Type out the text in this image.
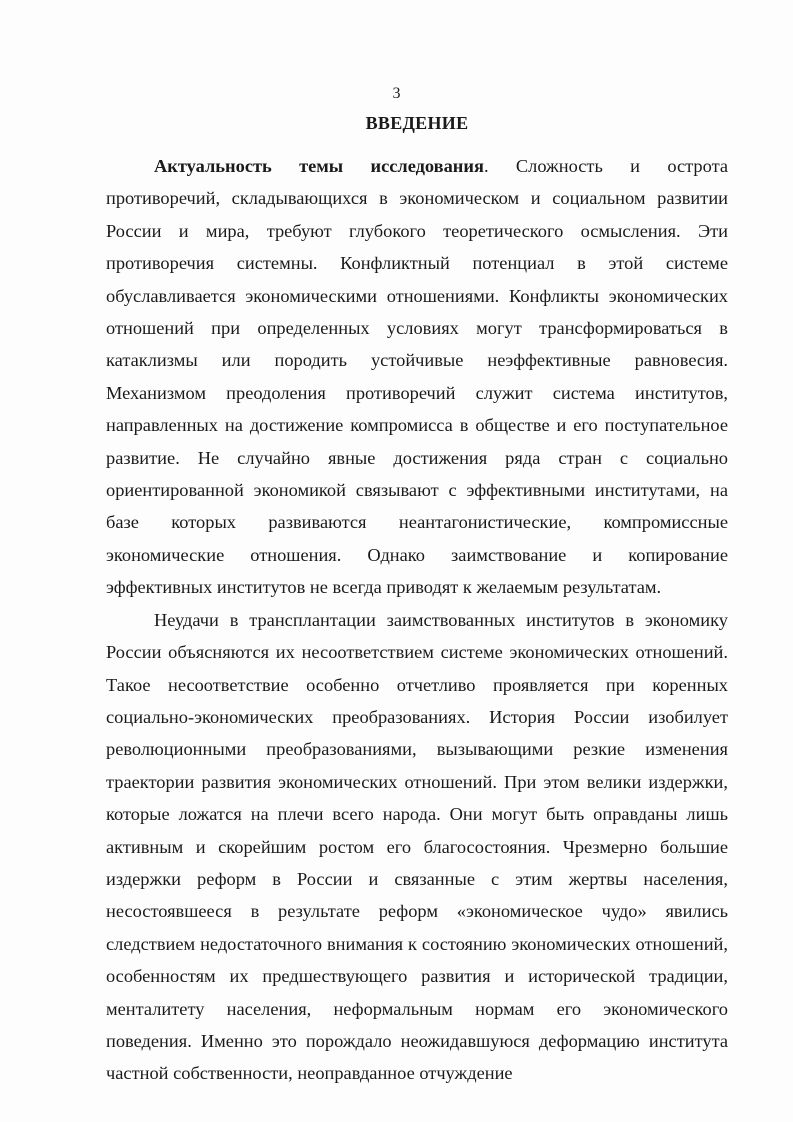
3
ВВЕДЕНИЕ

Актуальность темы исследования. Сложность и острота противоречий, складывающихся в экономическом и социальном развитии России и мира, требуют глубокого теоретического осмысления. Эти противоречия системны. Конфликтный потенциал в этой системе обуславливается экономическими отношениями. Конфликты экономических отношений при определенных условиях могут трансформироваться в катаклизмы или породить устойчивые неэффективные равновесия. Механизмом преодоления противоречий служит система институтов, направленных на достижение компромисса в обществе и его поступательное развитие. Не случайно явные достижения ряда стран с социально ориентированной экономикой связывают с эффективными институтами, на базе которых развиваются неантагонистические, компромиссные экономические отношения. Однако заимствование и копирование эффективных институтов не всегда приводят к желаемым результатам.

Неудачи в трансплантации заимствованных институтов в экономику России объясняются их несоответствием системе экономических отношений. Такое несоответствие особенно отчетливо проявляется при коренных социально-экономических преобразованиях. История России изобилует революционными преобразованиями, вызывающими резкие изменения траектории развития экономических отношений. При этом велики издержки, которые ложатся на плечи всего народа. Они могут быть оправданы лишь активным и скорейшим ростом его благосостояния. Чрезмерно большие издержки реформ в России и связанные с этим жертвы населения, несостоявшееся в результате реформ «экономическое чудо» явились следствием недостаточного внимания к состоянию экономических отношений, особенностям их предшествующего развития и исторической традиции, менталитету населения, неформальным нормам его экономического поведения. Именно это порождало неожидавшуюся деформацию института частной собственности, неоправданное отчуждение
